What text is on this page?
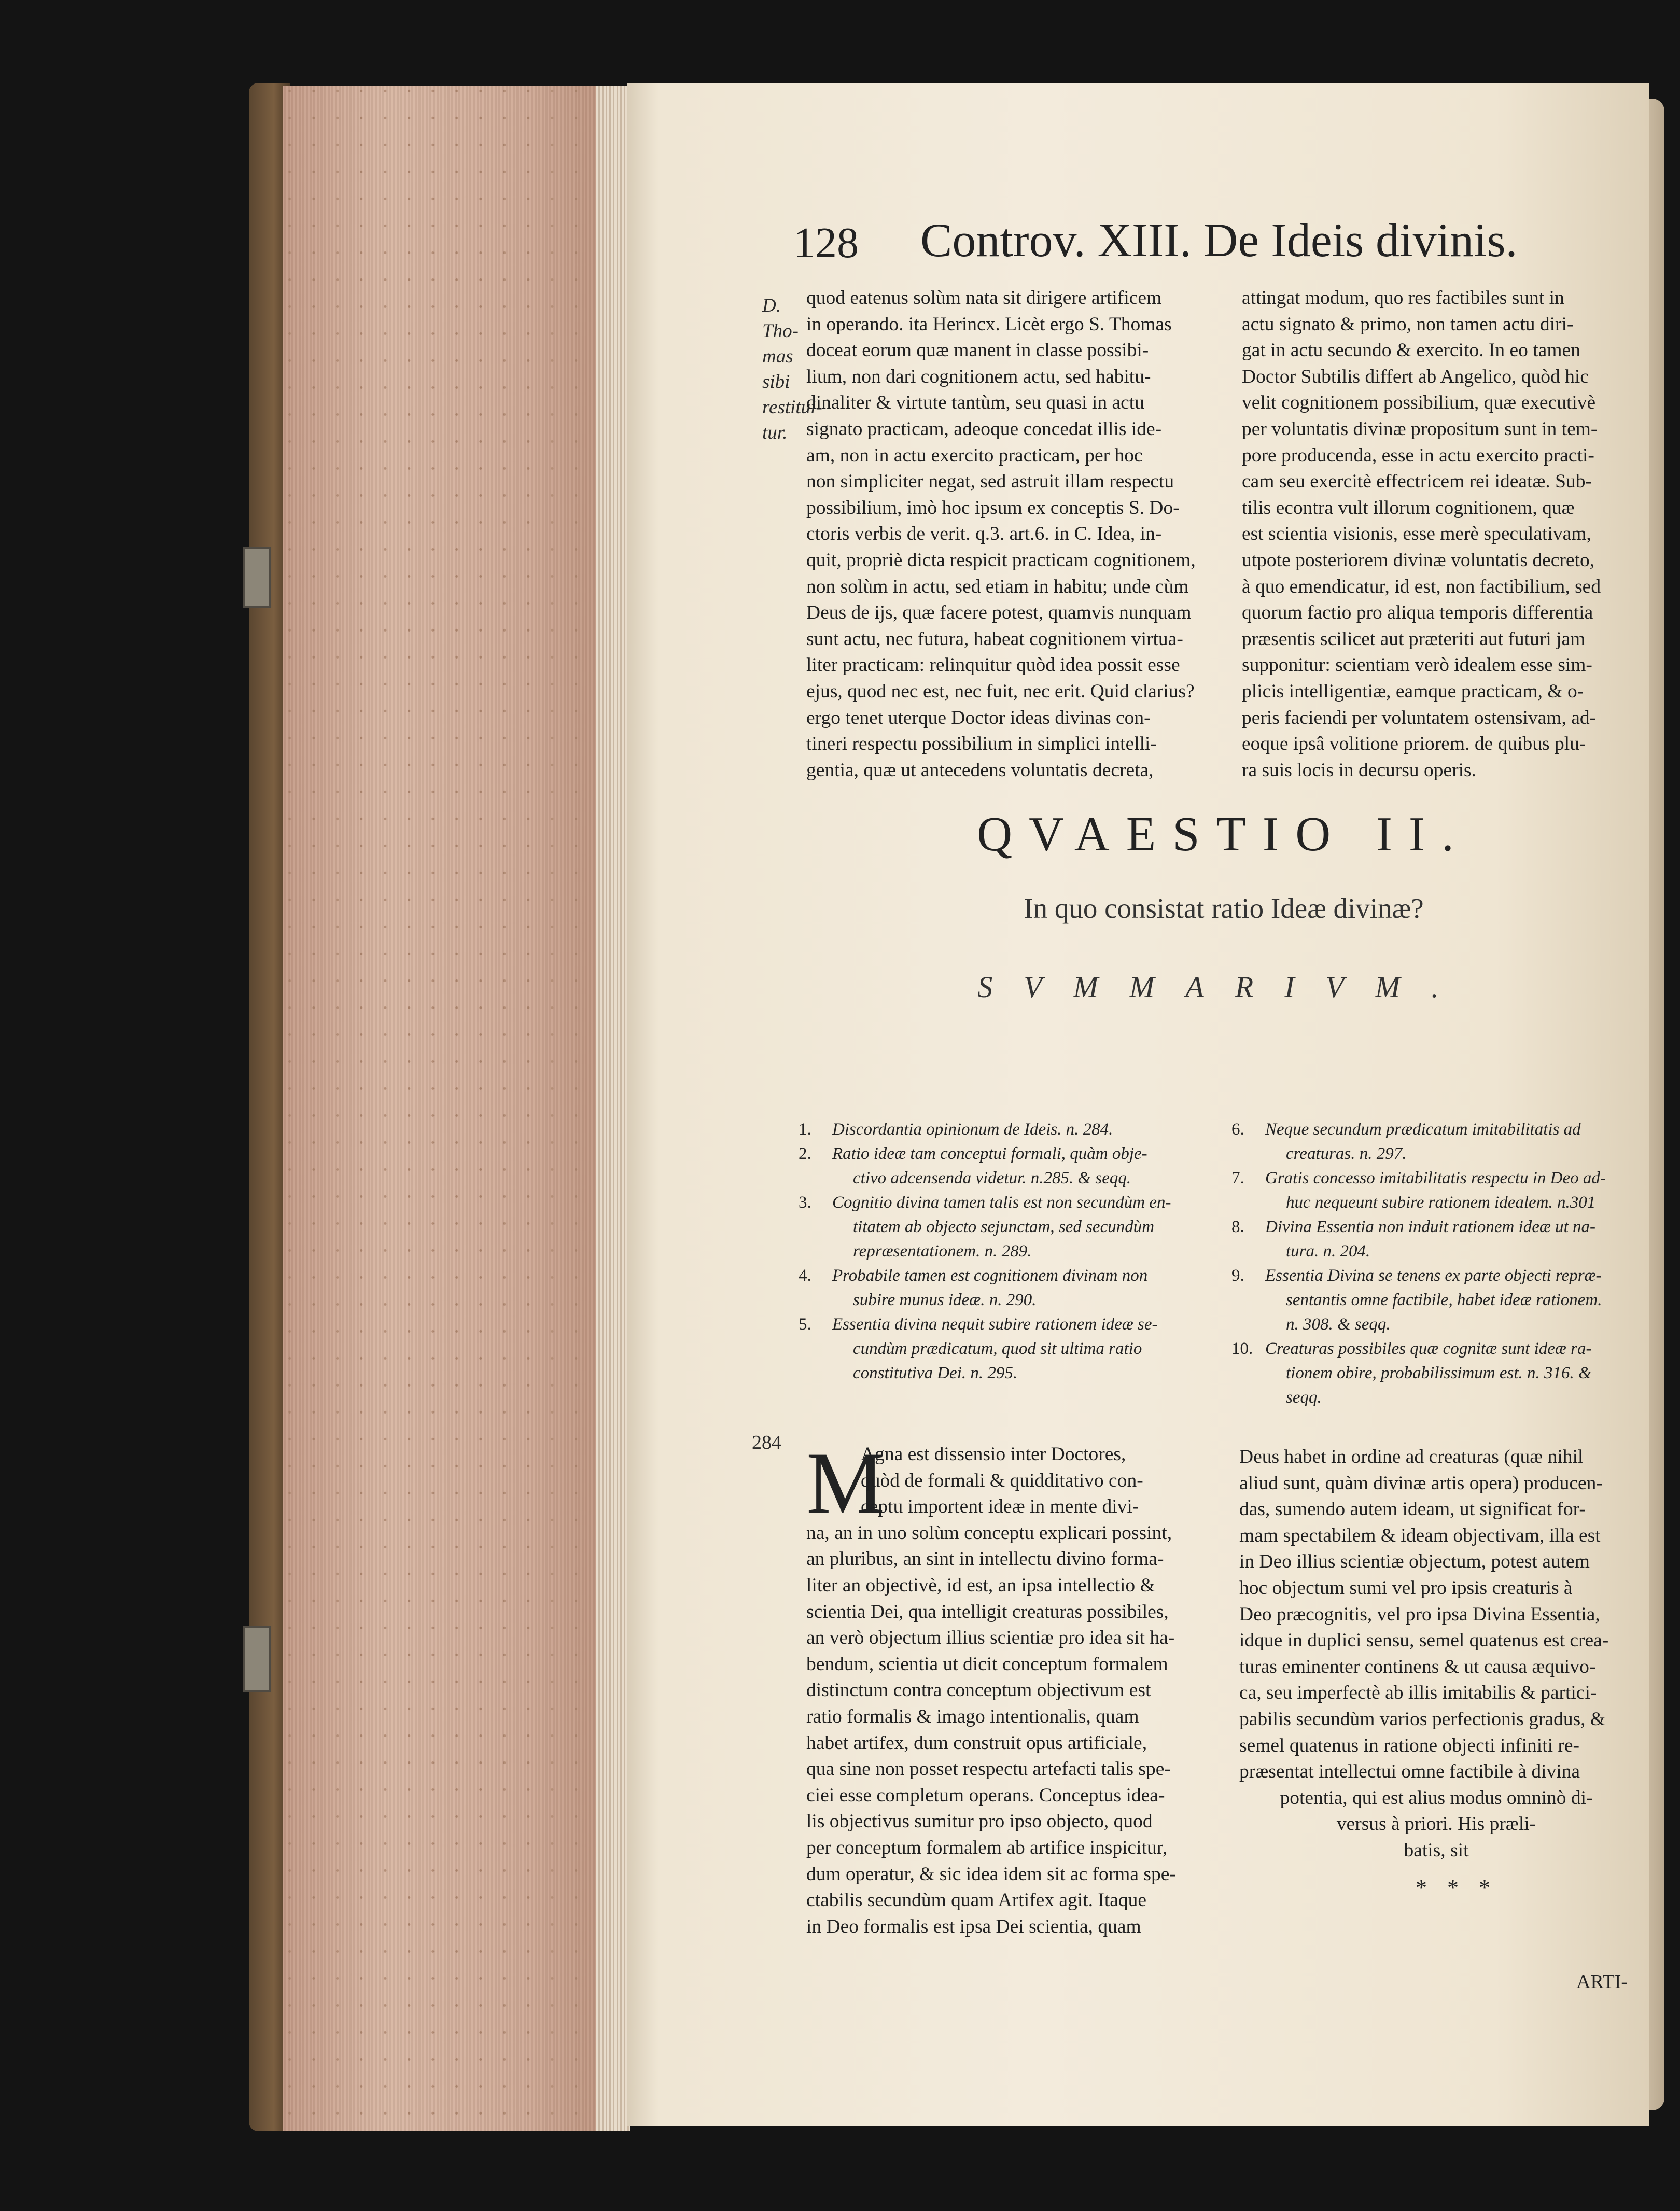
128 Controv. XIII. De Ideis divinis.
D. Tho-
mas sibi
restitui-
tur.
quod eatenus solùm nata sit dirigere artificem
in operando. ita Herincx. Licèt ergo S. Thomas
doceat eorum quæ manent in classe possibi-
lium, non dari cognitionem actu, sed habitu-
dinaliter & virtute tantùm, seu quasi in actu
signato practicam, adeoque concedat illis ide-
am, non in actu exercito practicam, per hoc
non simpliciter negat, sed astruit illam respectu
possibilium, imò hoc ipsum ex conceptis S. Do-
ctoris verbis de verit. q.3. art.6. in C. Idea, in-
quit, propriè dicta respicit practicam cognitionem,
non solùm in actu, sed etiam in habitu; unde cùm
Deus de ijs, quæ facere potest, quamvis nunquam
sunt actu, nec futura, habeat cognitionem virtua-
liter practicam: relinquitur quòd idea possit esse
ejus, quod nec est, nec fuit, nec erit. Quid clarius?
ergo tenet uterque Doctor ideas divinas con-
tineri respectu possibilium in simplici intelli-
gentia, quæ ut antecedens voluntatis decreta,
attingat modum, quo res factibiles sunt in
actu signato & primo, non tamen actu diri-
gat in actu secundo & exercito. In eo tamen
Doctor Subtilis differt ab Angelico, quòd hic
velit cognitionem possibilium, quæ executivè
per voluntatis divinæ propositum sunt in tem-
pore producenda, esse in actu exercito practi-
cam seu exercitè effectricem rei ideatæ. Sub-
tilis econtra vult illorum cognitionem, quæ
est scientia visionis, esse merè speculativam,
utpote posteriorem divinæ voluntatis decreto,
à quo emendicatur, id est, non factibilium, sed
quorum factio pro aliqua temporis differentia
præsentis scilicet aut præteriti aut futuri jam
supponitur: scientiam verò idealem esse sim-
plicis intelligentiæ, eamque practicam, & o-
peris faciendi per voluntatem ostensivam, ad-
eoque ipsâ volitione priorem. de quibus plu-
ra suis locis in decursu operis.
QVAESTIO II.
In quo consistat ratio Ideæ divinæ?
SVMMARIVM.
1.	Discordantia opinionum de Ideis. n. 284.
2.	Ratio ideæ tam conceptui formali, quàm obje-
ctivo adcensenda videtur. n.285. & seqq.
3.	Cognitio divina tamen talis est non secundùm en-
titatem ab objecto sejunctam, sed secundùm
repræsentationem. n. 289.
4.	Probabile tamen est cognitionem divinam non
subire munus ideæ. n. 290.
5.	Essentia divina nequit subire rationem ideæ se-
cundùm prædicatum, quod sit ultima ratio
constitutiva Dei. n. 295.
6.	Neque secundum prædicatum imitabilitatis ad
creaturas. n. 297.
7.	Gratis concesso imitabilitatis respectu in Deo ad-
huc nequeunt subire rationem idealem. n.301
8.	Divina Essentia non induit rationem ideæ ut na-
tura. n. 204.
9.	Essentia Divina se tenens ex parte objecti repræ-
sentantis omne factibile, habet ideæ rationem.
n. 308. & seqq.
10. Creaturas possibiles quæ cognitæ sunt ideæ ra-
tionem obire, probabilissimum est. n. 316. &
seqq.
284 M
Agna est dissensio inter Doctores,
quòd de formali & quidditativo con-
ceptu importent ideæ in mente divi-
na, an in uno solùm conceptu explicari possint,
an pluribus, an sint in intellectu divino forma-
liter an objectivè, id est, an ipsa intellectio &
scientia Dei, qua intelligit creaturas possibiles,
an verò objectum illius scientiæ pro idea sit ha-
bendum, scientia ut dicit conceptum formalem
distinctum contra conceptum objectivum est
ratio formalis & imago intentionalis, quam
habet artifex, dum construit opus artificiale,
qua sine non posset respectu artefacti talis spe-
ciei esse completum operans. Conceptus idea-
lis objectivus sumitur pro ipso objecto, quod
per conceptum formalem ab artifice inspicitur,
dum operatur, & sic idea idem sit ac forma spe-
ctabilis secundùm quam Artifex agit. Itaque
in Deo formalis est ipsa Dei scientia, quam
Deus habet in ordine ad creaturas (quæ nihil
aliud sunt, quàm divinæ artis opera) producen-
das, sumendo autem ideam, ut significat for-
mam spectabilem & ideam objectivam, illa est
in Deo illius scientiæ objectum, potest autem
hoc objectum sumi vel pro ipsis creaturis à
Deo præcognitis, vel pro ipsa Divina Essentia,
idque in duplici sensu, semel quatenus est crea-
turas eminenter continens & ut causa æquivo-
ca, seu imperfectè ab illis imitabilis & partici-
pabilis secundùm varios perfectionis gradus, &
semel quatenus in ratione objecti infiniti re-
præsentat intellectui omne factibile à divina
potentia, qui est alius modus omninò di-
versus à priori. His præli-
batis, sit
* * *
ARTI-
